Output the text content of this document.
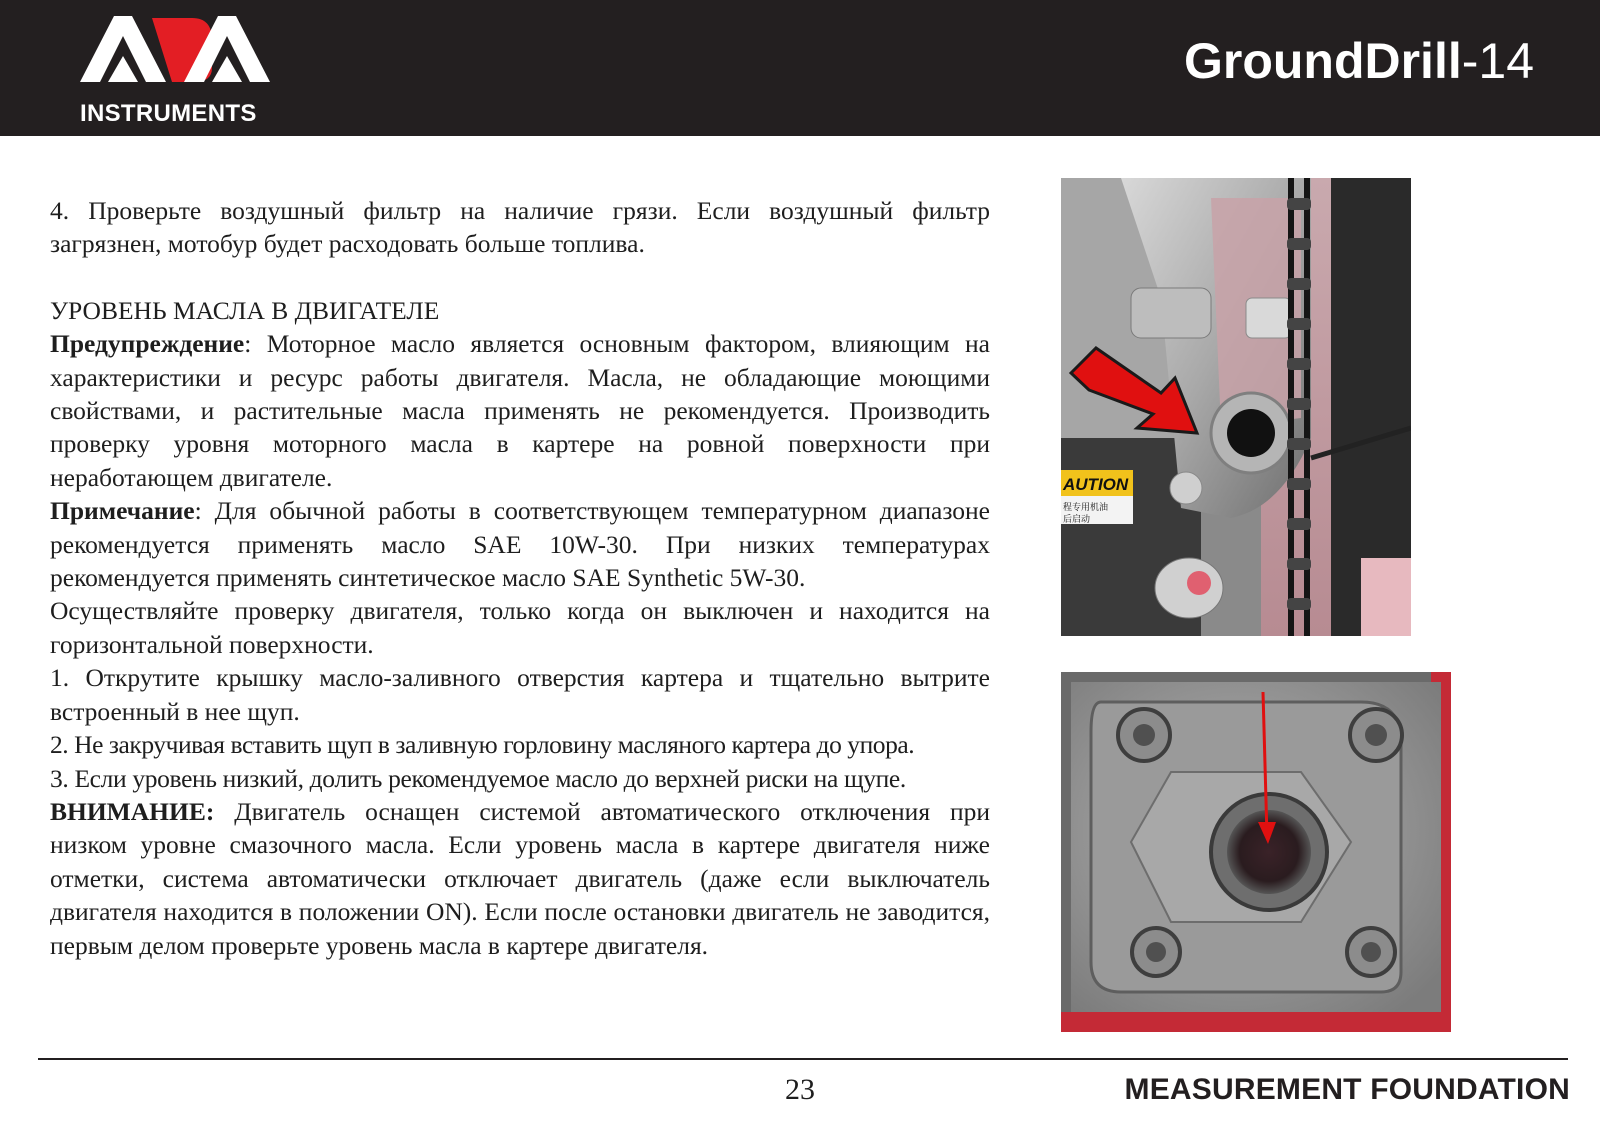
INSTRUMENTS
GroundDrill-14

4. Проверьте воздушный фильтр на наличие грязи. Если воздушный фильтр загрязнен, мотобур будет расходовать больше топлива.

УРОВЕНЬ МАСЛА В ДВИГАТЕЛЕ

Предупреждение: Моторное масло является основным фактором, влияющим на характеристики и ресурс работы двигателя. Масла, не обладающие моющими свойствами, и растительные масла применять не рекомендуется. Производить проверку уровня моторного масла в картере на ровной поверхности при неработающем двигателе.

Примечание: Для обычной работы в соответствующем температурном диапазоне рекомендуется применять масло SAE 10W-30. При низких температурах рекомендуется применять синтетическое масло SAE Synthetic 5W-30.

Осуществляйте проверку двигателя, только когда он выключен и находится на горизонтальной поверхности.

1. Открутите крышку масло-заливного отверстия картера и тщательно вытрите встроенный в нее щуп.

2. Не закручивая вставить щуп в заливную горловину масляного картера до упора.

3. Если уровень низкий, долить рекомендуемое масло до верхней риски на щупе.

ВНИМАНИЕ: Двигатель оснащен системой автоматического отключения при низком уровне смазочного масла. Если уровень масла в картере двигателя ниже отметки, система автоматически отключает двигатель (даже если выключатель двигателя находится в положении ON). Если после остановки двигатель не заводится, первым делом проверьте уровень масла в картере двигателя.

AUTION
程专用机油
后启动
23	MEASUREMENT FOUNDATION
